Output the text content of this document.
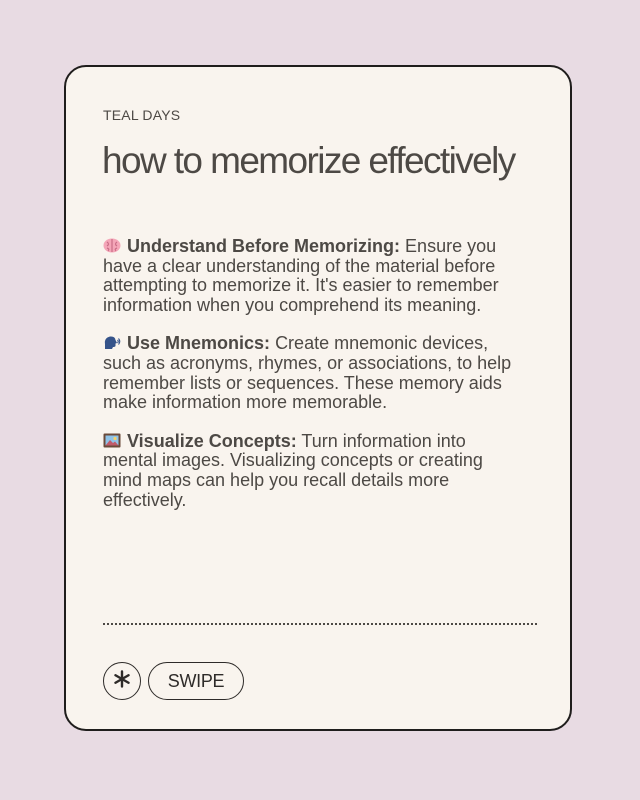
TEAL DAYS
how to memorize effectively

Understand Before Memorizing: Ensure you have a clear understanding of the material before attempting to memorize it. It's easier to remember information when you comprehend its meaning.

Use Mnemonics: Create mnemonic devices, such as acronyms, rhymes, or associations, to help remember lists or sequences. These memory aids make information more memorable.

Visualize Concepts: Turn information into mental images. Visualizing concepts or creating mind maps can help you recall details more effectively.

SWIPE
